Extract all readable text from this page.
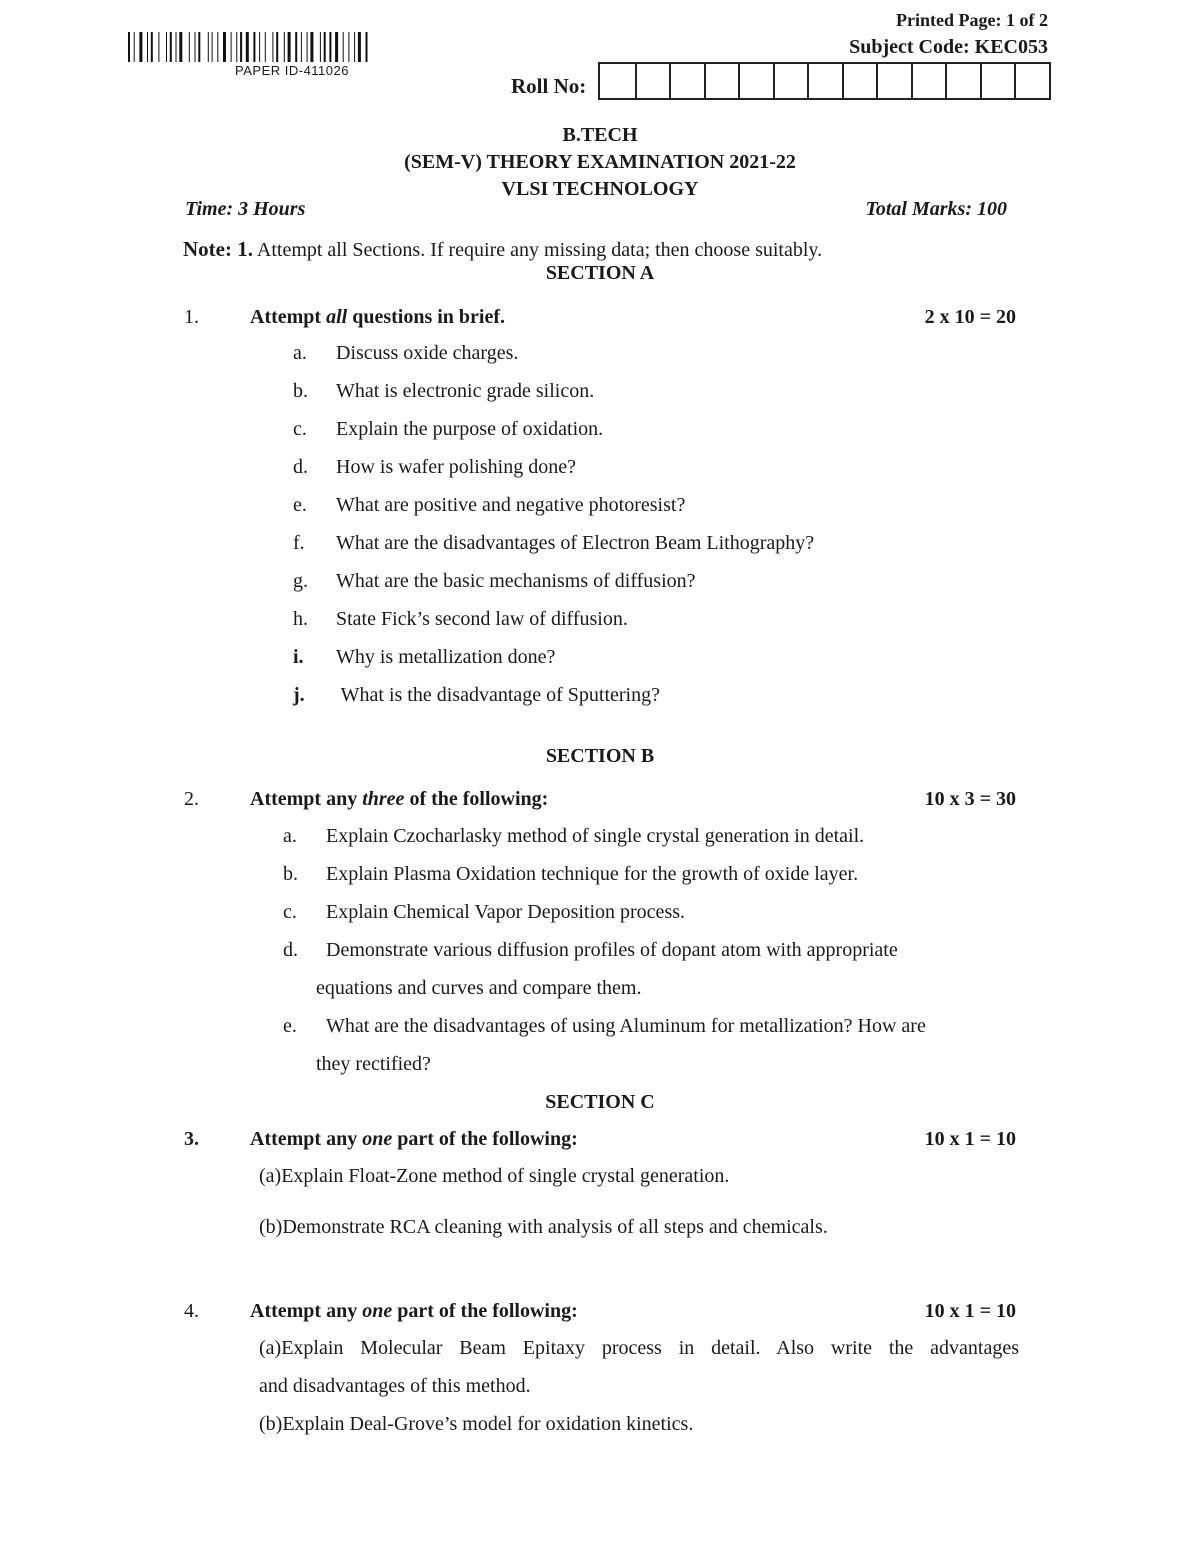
PAPER ID-411026
Printed Page: 1 of 2
Subject Code: KEC053
Roll No:
B.TECH
(SEM-V) THEORY EXAMINATION 2021-22
VLSI TECHNOLOGY
Time: 3 Hours	Total Marks: 100
Note: 1. Attempt all Sections. If require any missing data; then choose suitably.
SECTION A
1.	Attempt all questions in brief.	2 x 10 = 20
a. Discuss oxide charges.
b. What is electronic grade silicon.
c. Explain the purpose of oxidation.
d. How is wafer polishing done?
e. What are positive and negative photoresist?
f. What are the disadvantages of Electron Beam Lithography?
g. What are the basic mechanisms of diffusion?
h. State Fick’s second law of diffusion.
i. Why is metallization done?
j. What is the disadvantage of Sputtering?
SECTION B
2.	Attempt any three of the following:	10 x 3 = 30
a. Explain Czocharlasky method of single crystal generation in detail.
b. Explain Plasma Oxidation technique for the growth of oxide layer.
c. Explain Chemical Vapor Deposition process.
d. Demonstrate various diffusion profiles of dopant atom with appropriate
equations and curves and compare them.
e. What are the disadvantages of using Aluminum for metallization? How are
they rectified?
SECTION C
3.	Attempt any one part of the following:	10 x 1 = 10
(a)Explain Float-Zone method of single crystal generation.
(b)Demonstrate RCA cleaning with analysis of all steps and chemicals.
4.	Attempt any one part of the following:	10 x 1 = 10
(a)Explain Molecular Beam Epitaxy process in detail. Also write the advantages
and disadvantages of this method.
(b)Explain Deal-Grove’s model for oxidation kinetics.
